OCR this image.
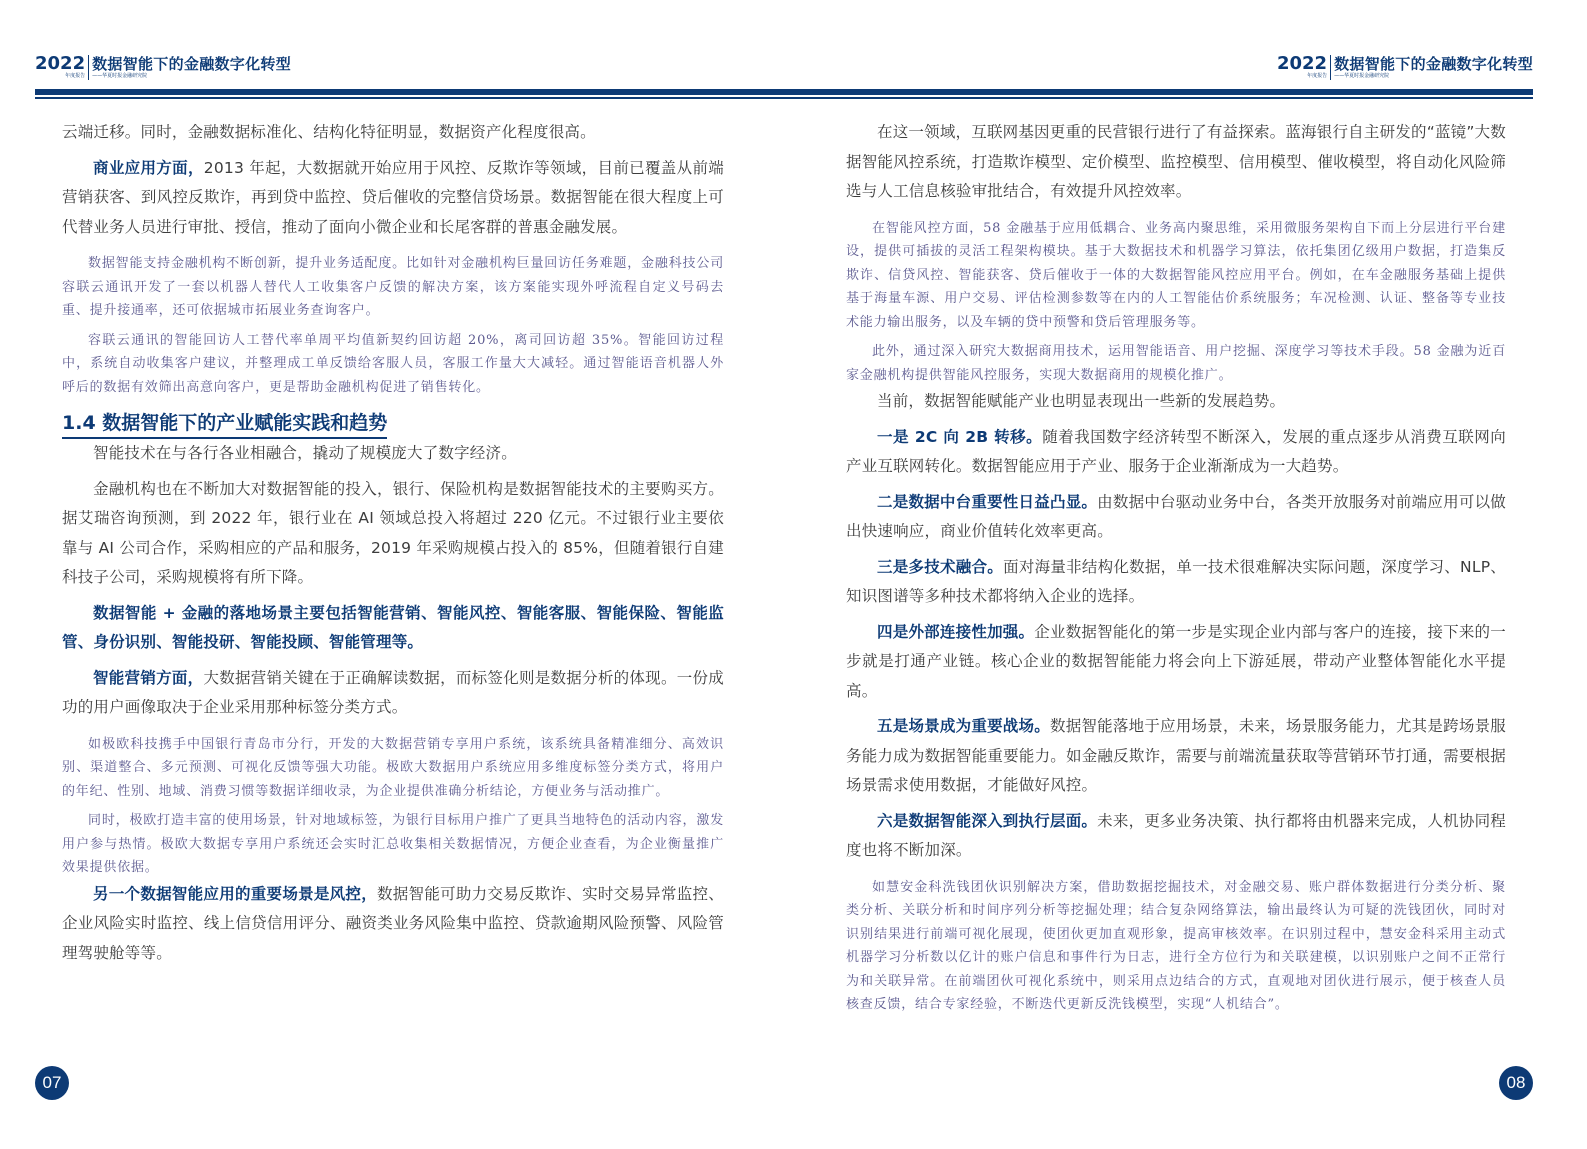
2022
年度报告
数据智能下的金融数字化转型
——华夏时报金融研究院

云端迁移。同时，金融数据标准化、结构化特征明显，数据资产化程度很高。

商业应用方面，2013 年起，大数据就开始应用于风控、反欺诈等领域，目前已覆盖从前端营销获客、到风控反欺诈，再到贷中监控、贷后催收的完整信贷场景。数据智能在很大程度上可代替业务人员进行审批、授信，推动了面向小微企业和长尾客群的普惠金融发展。

数据智能支持金融机构不断创新，提升业务适配度。比如针对金融机构巨量回访任务难题，金融科技公司容联云通讯开发了一套以机器人替代人工收集客户反馈的解决方案，该方案能实现外呼流程自定义号码去重、提升接通率，还可依据城市拓展业务查询客户。

容联云通讯的智能回访人工替代率单周平均值新契约回访超 20%，离司回访超 35%。智能回访过程中，系统自动收集客户建议，并整理成工单反馈给客服人员，客服工作量大大减轻。通过智能语音机器人外呼后的数据有效筛出高意向客户，更是帮助金融机构促进了销售转化。

1.4 数据智能下的产业赋能实践和趋势

智能技术在与各行各业相融合，撬动了规模庞大了数字经济。

金融机构也在不断加大对数据智能的投入，银行、保险机构是数据智能技术的主要购买方。据艾瑞咨询预测，到 2022 年，银行业在 AI 领域总投入将超过 220 亿元。不过银行业主要依靠与 AI 公司合作，采购相应的产品和服务，2019 年采购规模占投入的 85%，但随着银行自建科技子公司，采购规模将有所下降。

数据智能 + 金融的落地场景主要包括智能营销、智能风控、智能客服、智能保险、智能监管、身份识别、智能投研、智能投顾、智能管理等。

智能营销方面，大数据营销关键在于正确解读数据，而标签化则是数据分析的体现。一份成功的用户画像取决于企业采用那种标签分类方式。

如极欧科技携手中国银行青岛市分行，开发的大数据营销专享用户系统，该系统具备精准细分、高效识别、渠道整合、多元预测、可视化反馈等强大功能。极欧大数据用户系统应用多维度标签分类方式，将用户的年纪、性别、地域、消费习惯等数据详细收录，为企业提供准确分析结论，方便业务与活动推广。

同时，极欧打造丰富的使用场景，针对地域标签，为银行目标用户推广了更具当地特色的活动内容，激发用户参与热情。极欧大数据专享用户系统还会实时汇总收集相关数据情况，方便企业查看，为企业衡量推广效果提供依据。

另一个数据智能应用的重要场景是风控，数据智能可助力交易反欺诈、实时交易异常监控、企业风险实时监控、线上信贷信用评分、融资类业务风险集中监控、贷款逾期风险预警、风险管理驾驶舱等等。

07
2022
年度报告
数据智能下的金融数字化转型
——华夏时报金融研究院

在这一领域，互联网基因更重的民营银行进行了有益探索。蓝海银行自主研发的“蓝镜”大数据智能风控系统，打造欺诈模型、定价模型、监控模型、信用模型、催收模型，将自动化风险筛选与人工信息核验审批结合，有效提升风控效率。

在智能风控方面，58 金融基于应用低耦合、业务高内聚思维，采用微服务架构自下而上分层进行平台建设，提供可插拔的灵活工程架构模块。基于大数据技术和机器学习算法，依托集团亿级用户数据，打造集反欺诈、信贷风控、智能获客、贷后催收于一体的大数据智能风控应用平台。例如，在车金融服务基础上提供基于海量车源、用户交易、评估检测参数等在内的人工智能估价系统服务；车况检测、认证、整备等专业技术能力输出服务，以及车辆的贷中预警和贷后管理服务等。

此外，通过深入研究大数据商用技术，运用智能语音、用户挖掘、深度学习等技术手段。58 金融为近百家金融机构提供智能风控服务，实现大数据商用的规模化推广。

当前，数据智能赋能产业也明显表现出一些新的发展趋势。

一是 2C 向 2B 转移。随着我国数字经济转型不断深入，发展的重点逐步从消费互联网向产业互联网转化。数据智能应用于产业、服务于企业渐渐成为一大趋势。

二是数据中台重要性日益凸显。由数据中台驱动业务中台，各类开放服务对前端应用可以做出快速响应，商业价值转化效率更高。

三是多技术融合。面对海量非结构化数据，单一技术很难解决实际问题，深度学习、NLP、知识图谱等多种技术都将纳入企业的选择。

四是外部连接性加强。企业数据智能化的第一步是实现企业内部与客户的连接，接下来的一步就是打通产业链。核心企业的数据智能能力将会向上下游延展，带动产业整体智能化水平提高。

五是场景成为重要战场。数据智能落地于应用场景，未来，场景服务能力，尤其是跨场景服务能力成为数据智能重要能力。如金融反欺诈，需要与前端流量获取等营销环节打通，需要根据场景需求使用数据，才能做好风控。

六是数据智能深入到执行层面。未来，更多业务决策、执行都将由机器来完成，人机协同程度也将不断加深。

如慧安金科洗钱团伙识别解决方案，借助数据挖掘技术，对金融交易、账户群体数据进行分类分析、聚类分析、关联分析和时间序列分析等挖掘处理；结合复杂网络算法，输出最终认为可疑的洗钱团伙，同时对识别结果进行前端可视化展现，使团伙更加直观形象，提高审核效率。在识别过程中，慧安金科采用主动式机器学习分析数以亿计的账户信息和事件行为日志，进行全方位行为和关联建模，以识别账户之间不正常行为和关联异常。在前端团伙可视化系统中，则采用点边结合的方式，直观地对团伙进行展示，便于核查人员核查反馈，结合专家经验，不断迭代更新反洗钱模型，实现“人机结合”。

08
